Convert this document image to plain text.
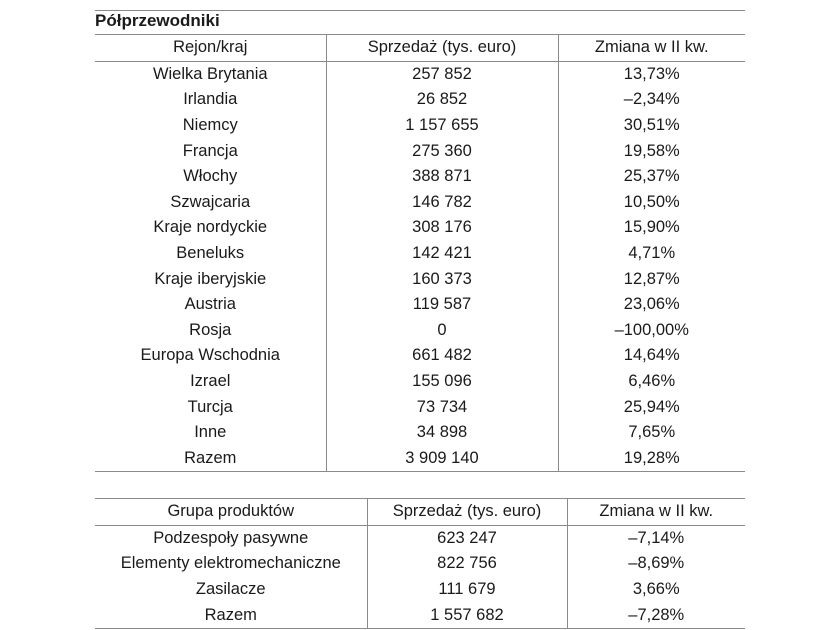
Półprzewodniki
Rejon/kraj	Sprzedaż (tys. euro)	Zmiana w II kw.
Wielka Brytania	257 852	13,73%
Irlandia	26 852	–2,34%
Niemcy	1 157 655	30,51%
Francja	275 360	19,58%
Włochy	388 871	25,37%
Szwajcaria	146 782	10,50%
Kraje nordyckie	308 176	15,90%
Beneluks	142 421	4,71%
Kraje iberyjskie	160 373	12,87%
Austria	119 587	23,06%
Rosja	0	–100,00%
Europa Wschodnia	661 482	14,64%
Izrael	155 096	6,46%
Turcja	73 734	25,94%
Inne	34 898	7,65%
Razem	3 909 140	19,28%
Grupa produktów	Sprzedaż (tys. euro)	Zmiana w II kw.
Podzespoły pasywne	623 247	–7,14%
Elementy elektromechaniczne	822 756	–8,69%
Zasilacze	111 679	3,66%
Razem	1 557 682	–7,28%
